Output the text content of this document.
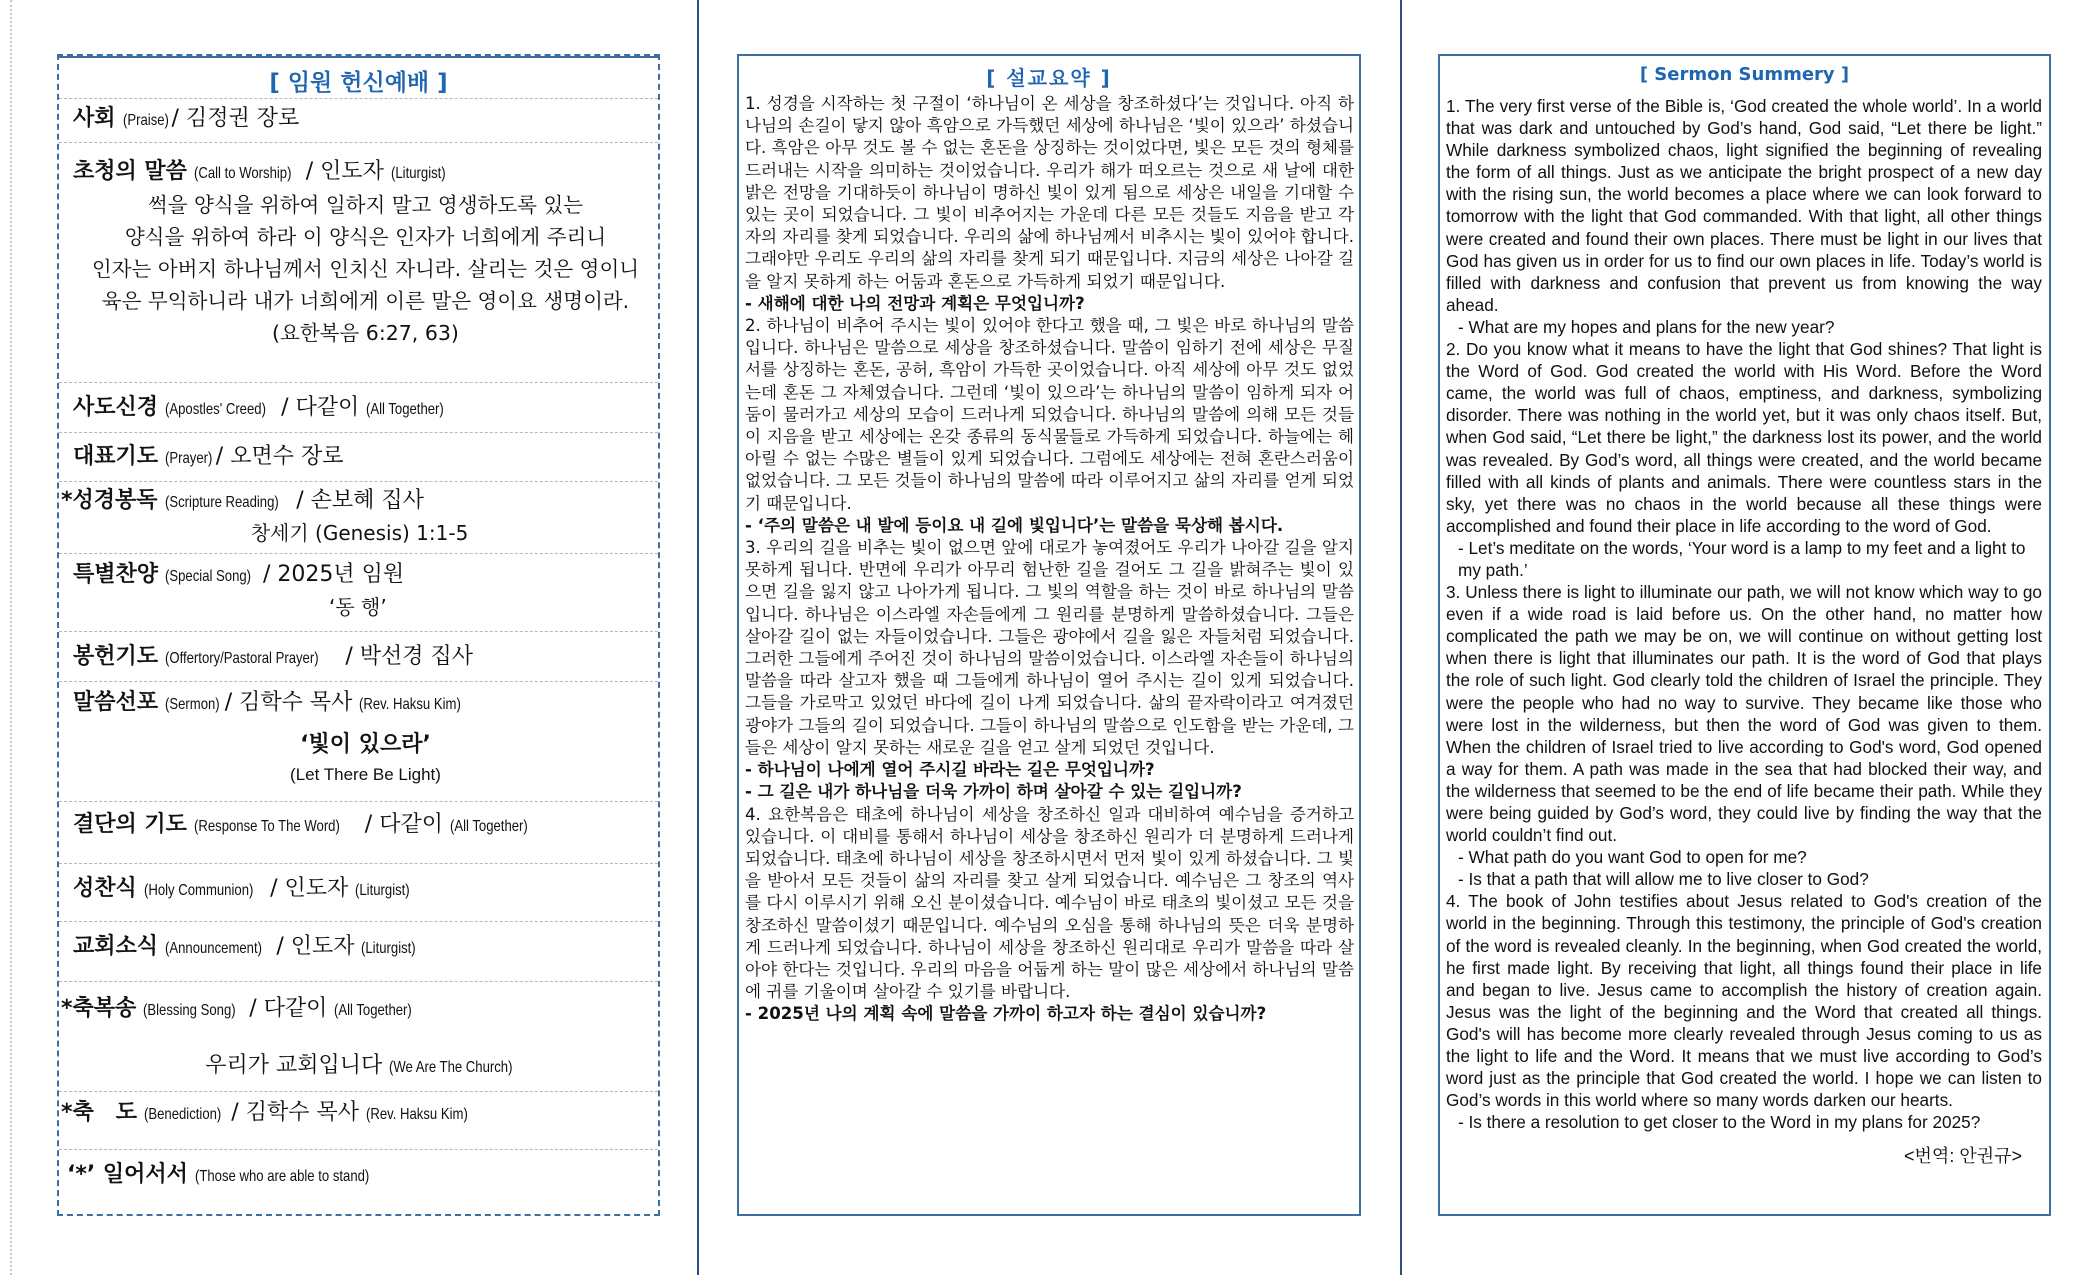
[ 임원 헌신예배 ]
사회 (Praise) / 김정권 장로
초청의 말씀 (Call to Worship) / 인도자 (Liturgist)
썩을 양식을 위하여 일하지 말고 영생하도록 있는
양식을 위하여 하라 이 양식은 인자가 너희에게 주리니
인자는 아버지 하나님께서 인치신 자니라. 살리는 것은 영이니
육은 무익하니라 내가 너희에게 이른 말은 영이요 생명이라.
(요한복음 6:27, 63)
사도신경 (Apostles' Creed) / 다같이 (All Together)
대표기도 (Prayer) / 오면수 장로
*성경봉독 (Scripture Reading) / 손보혜 집사
창세기 (Genesis) 1:1-5
특별찬양 (Special Song) / 2025년 임원
‘동 행’
봉헌기도 (Offertory/Pastoral Prayer) / 박선경 집사
말씀선포 (Sermon) / 김학수 목사 (Rev. Haksu Kim)
‘빛이 있으라’
(Let There Be Light)
결단의 기도 (Response To The Word) / 다같이 (All Together)
성찬식 (Holy Communion) / 인도자 (Liturgist)
교회소식 (Announcement) / 인도자 (Liturgist)
*축복송 (Blessing Song) / 다같이 (All Together)
우리가 교회입니다 (We Are The Church)
*축　도 (Benediction) / 김학수 목사 (Rev. Haksu Kim)
‘*’ 일어서서 (Those who are able to stand)
[ 설교요약 ]

1. 성경을 시작하는 첫 구절이 ‘하나님이 온 세상을 창조하셨다’는 것입니다. 아직 하나님의 손길이 닿지 않아 흑암으로 가득했던 세상에 하나님은 ‘빛이 있으라’ 하셨습니다. 흑암은 아무 것도 볼 수 없는 혼돈을 상징하는 것이었다면, 빛은 모든 것의 형체를 드러내는 시작을 의미하는 것이었습니다. 우리가 해가 떠오르는 것으로 새 날에 대한 밝은 전망을 기대하듯이 하나님이 명하신 빛이 있게 됨으로 세상은 내일을 기대할 수 있는 곳이 되었습니다. 그 빛이 비추어지는 가운데 다른 모든 것들도 지음을 받고 각자의 자리를 찾게 되었습니다. 우리의 삶에 하나님께서 비추시는 빛이 있어야 합니다. 그래야만 우리도 우리의 삶의 자리를 찾게 되기 때문입니다. 지금의 세상은 나아갈 길을 알지 못하게 하는 어둠과 혼돈으로 가득하게 되었기 때문입니다.

- 새해에 대한 나의 전망과 계획은 무엇입니까?

2. 하나님이 비추어 주시는 빛이 있어야 한다고 했을 때, 그 빛은 바로 하나님의 말씀입니다. 하나님은 말씀으로 세상을 창조하셨습니다. 말씀이 임하기 전에 세상은 무질서를 상징하는 혼돈, 공허, 흑암이 가득한 곳이었습니다. 아직 세상에 아무 것도 없었는데 혼돈 그 자체였습니다. 그런데 ‘빛이 있으라’는 하나님의 말씀이 임하게 되자 어둠이 물러가고 세상의 모습이 드러나게 되었습니다. 하나님의 말씀에 의해 모든 것들이 지음을 받고 세상에는 온갖 종류의 동식물들로 가득하게 되었습니다. 하늘에는 헤아릴 수 없는 수많은 별들이 있게 되었습니다. 그럼에도 세상에는 전혀 혼란스러움이 없었습니다. 그 모든 것들이 하나님의 말씀에 따라 이루어지고 삶의 자리를 얻게 되었기 때문입니다.

- ‘주의 말씀은 내 발에 등이요 내 길에 빛입니다’는 말씀을 묵상해 봅시다.

3. 우리의 길을 비추는 빛이 없으면 앞에 대로가 놓여졌어도 우리가 나아갈 길을 알지 못하게 됩니다. 반면에 우리가 아무리 험난한 길을 걸어도 그 길을 밝혀주는 빛이 있으면 길을 잃지 않고 나아가게 됩니다. 그 빛의 역할을 하는 것이 바로 하나님의 말씀입니다. 하나님은 이스라엘 자손들에게 그 원리를 분명하게 말씀하셨습니다. 그들은 살아갈 길이 없는 자들이었습니다. 그들은 광야에서 길을 잃은 자들처럼 되었습니다. 그러한 그들에게 주어진 것이 하나님의 말씀이었습니다. 이스라엘 자손들이 하나님의 말씀을 따라 살고자 했을 때 그들에게 하나님이 열어 주시는 길이 있게 되었습니다. 그들을 가로막고 있었던 바다에 길이 나게 되었습니다. 삶의 끝자락이라고 여겨졌던 광야가 그들의 길이 되었습니다. 그들이 하나님의 말씀으로 인도함을 받는 가운데, 그들은 세상이 알지 못하는 새로운 길을 얻고 살게 되었던 것입니다.

- 하나님이 나에게 열어 주시길 바라는 길은 무엇입니까?

- 그 길은 내가 하나님을 더욱 가까이 하며 살아갈 수 있는 길입니까?

4. 요한복음은 태초에 하나님이 세상을 창조하신 일과 대비하여 예수님을 증거하고 있습니다. 이 대비를 통해서 하나님이 세상을 창조하신 원리가 더 분명하게 드러나게 되었습니다. 태초에 하나님이 세상을 창조하시면서 먼저 빛이 있게 하셨습니다. 그 빛을 받아서 모든 것들이 삶의 자리를 찾고 살게 되었습니다. 예수님은 그 창조의 역사를 다시 이루시기 위해 오신 분이셨습니다. 예수님이 바로 태초의 빛이셨고 모든 것을 창조하신 말씀이셨기 때문입니다. 예수님의 오심을 통해 하나님의 뜻은 더욱 분명하게 드러나게 되었습니다. 하나님이 세상을 창조하신 원리대로 우리가 말씀을 따라 살아야 한다는 것입니다. 우리의 마음을 어둡게 하는 말이 많은 세상에서 하나님의 말씀에 귀를 기울이며 살아갈 수 있기를 바랍니다.

- 2025년 나의 계획 속에 말씀을 가까이 하고자 하는 결심이 있습니까?

[ Sermon Summery ]

1. The very first verse of the Bible is, ‘God created the whole world’. In a world that was dark and untouched by God’s hand, God said, “Let there be light.” While darkness symbolized chaos, light signified the beginning of revealing the form of all things. Just as we anticipate the bright prospect of a new day with the rising sun, the world becomes a place where we can look forward to tomorrow with the light that God commanded. With that light, all other things were created and found their own places. There must be light in our lives that God has given us in order for us to find our own places in life. Today’s world is filled with darkness and confusion that prevent us from knowing the way ahead.

- What are my hopes and plans for the new year?

2. Do you know what it means to have the light that God shines? That light is the Word of God. God created the world with His Word. Before the Word came, the world was full of chaos, emptiness, and darkness, symbolizing disorder. There was nothing in the world yet, but it was only chaos itself. But, when God said, “Let there be light,” the darkness lost its power, and the world was revealed. By God’s word, all things were created, and the world became filled with all kinds of plants and animals. There were countless stars in the sky, yet there was no chaos in the world because all these things were accomplished and found their place in life according to the word of God.

- Let’s meditate on the words, ‘Your word is a lamp to my feet and a light to my path.’

3. Unless there is light to illuminate our path, we will not know which way to go even if a wide road is laid before us. On the other hand, no matter how complicated the path we may be on, we will continue on without getting lost when there is light that illuminates our path. It is the word of God that plays the role of such light. God clearly told the children of Israel the principle. They were the people who had no way to survive. They became like those who were lost in the wilderness, but then the word of God was given to them. When the children of Israel tried to live according to God's word, God opened a way for them. A path was made in the sea that had blocked their way, and the wilderness that seemed to be the end of life became their path. While they were being guided by God’s word, they could live by finding the way that the world couldn’t find out.

- What path do you want God to open for me?

- Is that a path that will allow me to live closer to God?

4. The book of John testifies about Jesus related to God's creation of the world in the beginning. Through this testimony, the principle of God's creation of the word is revealed cleanly. In the beginning, when God created the world, he first made light. By receiving that light, all things found their place in life and began to live. Jesus came to accomplish the history of creation again. Jesus was the light of the beginning and the Word that created all things. God's will has become more clearly revealed through Jesus coming to us as the light to life and the Word. It means that we must live according to God’s word just as the principle that God created the world. I hope we can listen to God’s words in this world where so many words darken our hearts.

- Is there a resolution to get closer to the Word in my plans for 2025?

<번역: 안권규>
